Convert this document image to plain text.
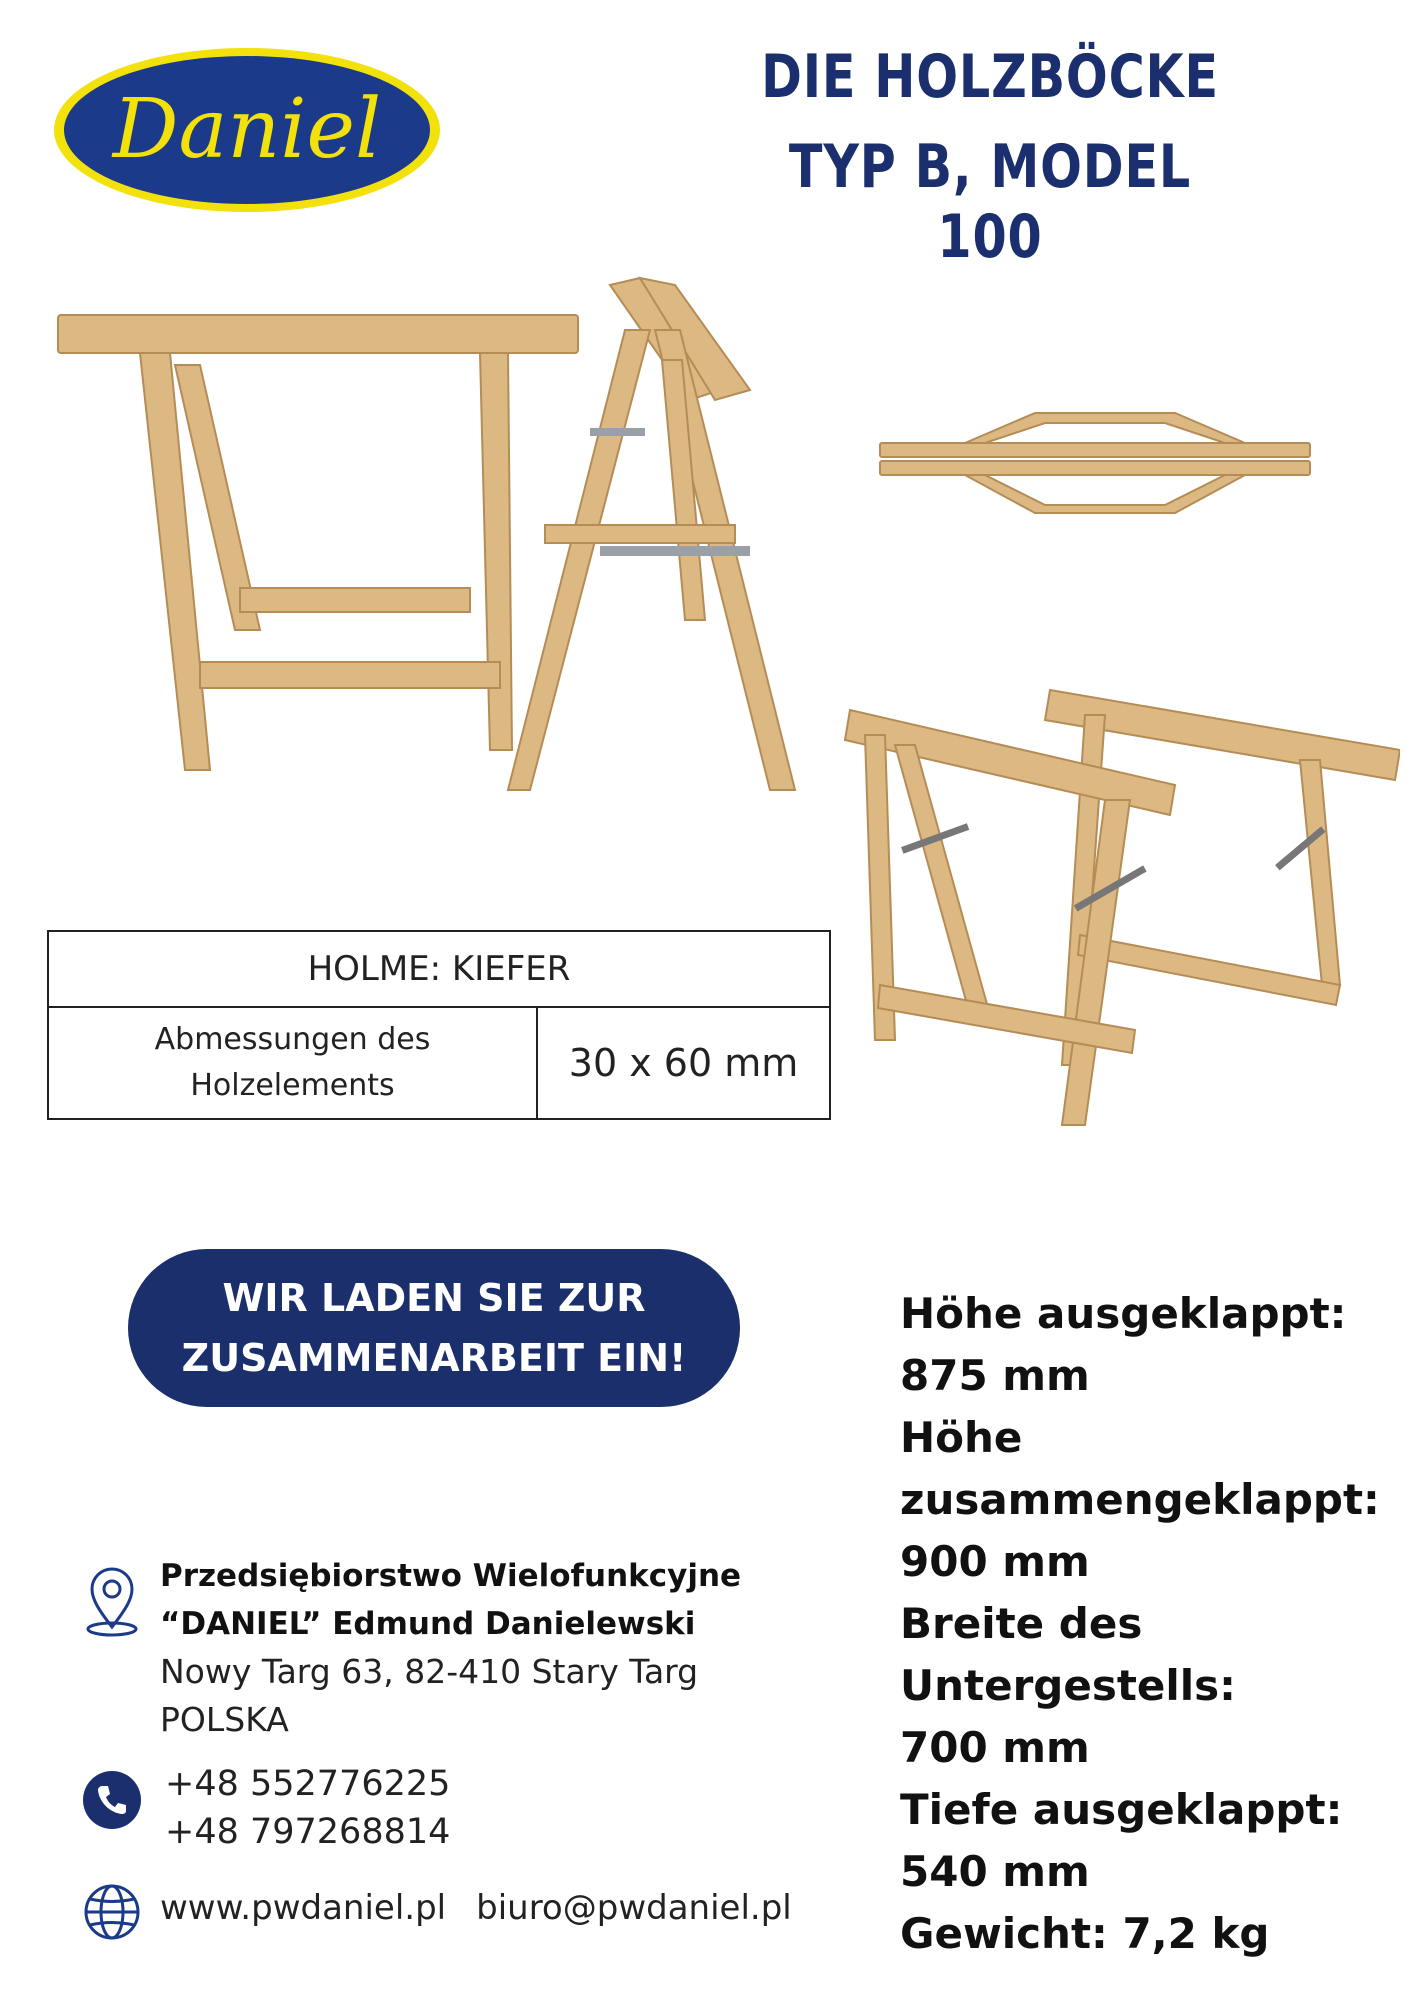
Daniel
DIE HOLZBÖCKE
TYP B, MODEL 100
HOLME: KIEFER
Abmessungen des
Holzelements	30 x 60 mm
WIR LADEN SIE ZUR
ZUSAMMENARBEIT EIN!
Höhe ausgeklappt:
875 mm
Höhe
zusammengeklappt:
900 mm
Breite des
Untergestells:
700 mm
Tiefe ausgeklappt:
540 mm
Gewicht: 7,2 kg
Przedsiębiorstwo Wielofunkcyjne
“DANIEL” Edmund Danielewski
Nowy Targ 63, 82-410 Stary Targ
POLSKA
+48 552776225
+48 797268814
www.pwdaniel.pl biuro@pwdaniel.pl
